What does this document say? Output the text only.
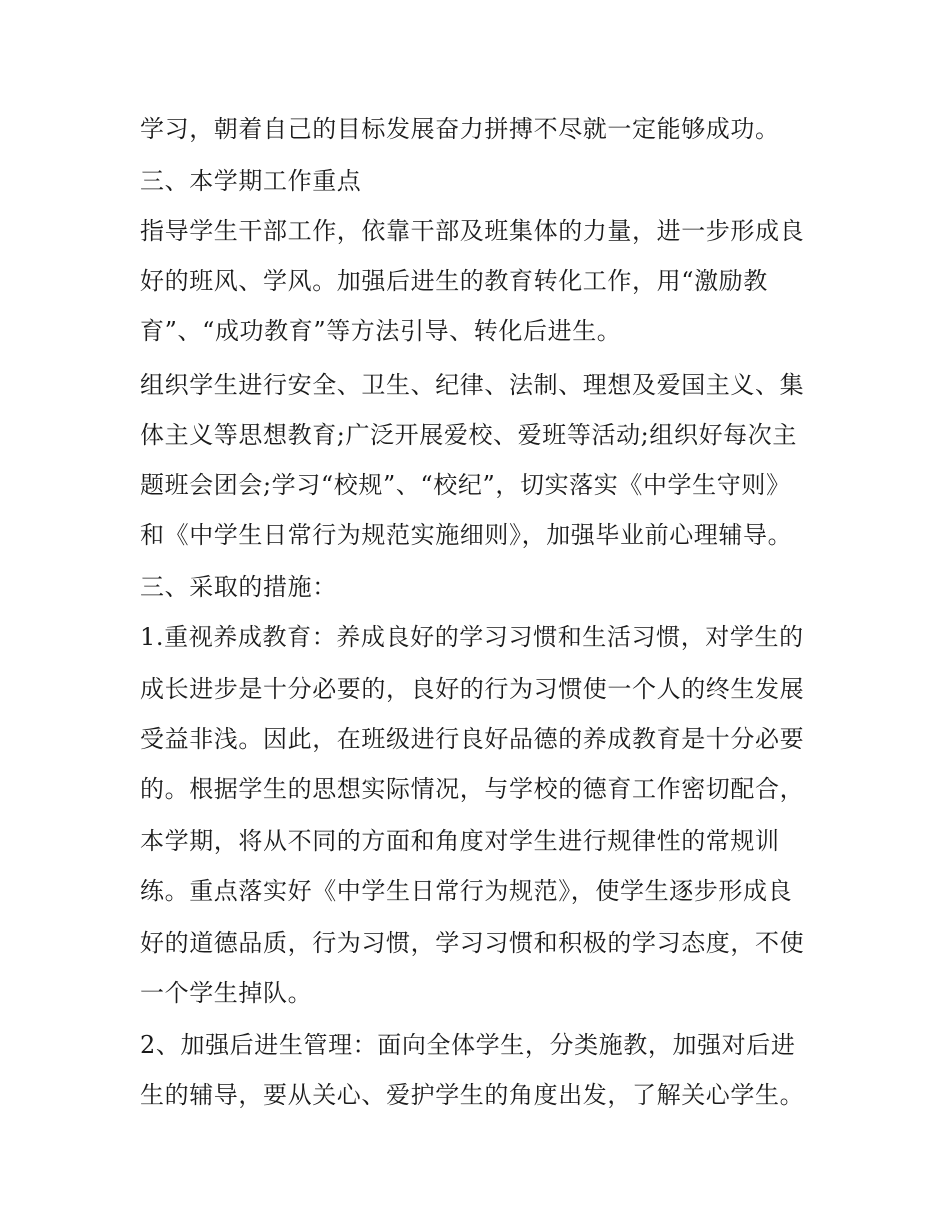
学习，朝着自己的目标发展奋力拼搏不尽就一定能够成功。
三、本学期工作重点
指导学生干部工作，依靠干部及班集体的力量，进一步形成良
好的班风、学风。加强后进生的教育转化工作，用“激励教
育”、“成功教育”等方法引导、转化后进生。
组织学生进行安全、卫生、纪律、法制、理想及爱国主义、集
体主义等思想教育;广泛开展爱校、爱班等活动;组织好每次主
题班会团会;学习“校规”、“校纪”，切实落实《中学生守则》
和《中学生日常行为规范实施细则》，加强毕业前心理辅导。
三、采取的措施：
1.重视养成教育：养成良好的学习习惯和生活习惯，对学生的
成长进步是十分必要的，良好的行为习惯使一个人的终生发展
受益非浅。因此，在班级进行良好品德的养成教育是十分必要
的。根据学生的思想实际情况，与学校的德育工作密切配合，
本学期，将从不同的方面和角度对学生进行规律性的常规训
练。重点落实好《中学生日常行为规范》，使学生逐步形成良
好的道德品质，行为习惯，学习习惯和积极的学习态度，不使
一个学生掉队。
2、加强后进生管理：面向全体学生，分类施教，加强对后进
生的辅导，要从关心、爱护学生的角度出发，了解关心学生。
